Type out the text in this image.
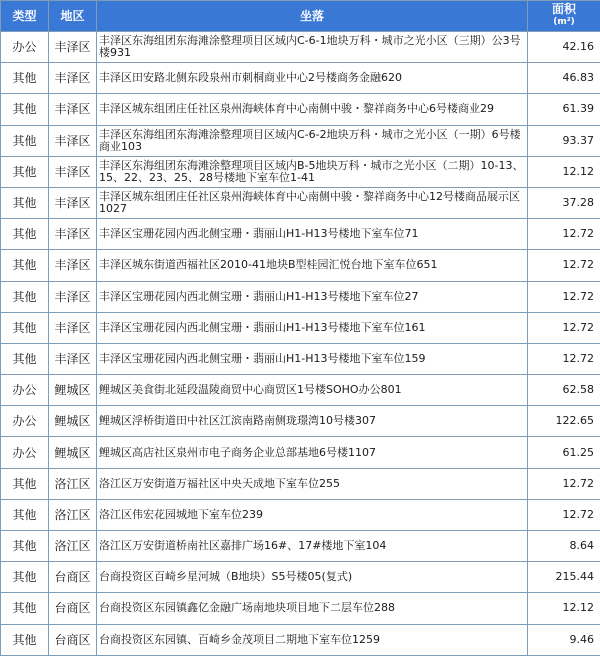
类型	地区	坐落	面积
(m²)

办公	丰泽区	丰泽区东海组团东海滩涂整理项目区域内C-6-1地块万科・城市之光小区（三期）公3号楼931	42.16
其他	丰泽区	丰泽区田安路北侧东段泉州市刺桐商业中心2号楼商务金融620	46.83
其他	丰泽区	丰泽区城东组团庄任社区泉州海峡体育中心南侧中骏・黎祥商务中心6号楼商业29	61.39
其他	丰泽区	丰泽区东海组团东海滩涂整理项目区域内C-6-2地块万科・城市之光小区（一期）6号楼商业103	93.37
其他	丰泽区	丰泽区东海组团东海滩涂整理项目区域内B-5地块万科・城市之光小区（二期）10-13、15、22、23、25、28号楼地下室车位1-41	12.12
其他	丰泽区	丰泽区城东组团庄任社区泉州海峡体育中心南侧中骏・黎祥商务中心12号楼商品展示区1027	37.28
其他	丰泽区	丰泽区宝珊花园内西北侧宝珊・翡丽山H1-H13号楼地下室车位71	12.72
其他	丰泽区	丰泽区城东街道西福社区2010-41地块B型桂园汇悦台地下室车位651	12.72
其他	丰泽区	丰泽区宝珊花园内西北侧宝珊・翡丽山H1-H13号楼地下室车位27	12.72
其他	丰泽区	丰泽区宝珊花园内西北侧宝珊・翡丽山H1-H13号楼地下室车位161	12.72
其他	丰泽区	丰泽区宝珊花园内西北侧宝珊・翡丽山H1-H13号楼地下室车位159	12.72
办公	鲤城区	鲤城区美食街北延段温陵商贸中心商贸区1号楼SOHO办公801	62.58
办公	鲤城区	鲤城区浮桥街道田中社区江滨南路南侧珑璟湾10号楼307	122.65
办公	鲤城区	鲤城区高店社区泉州市电子商务企业总部基地6号楼1107	61.25
其他	洛江区	洛江区万安街道万福社区中央天成地下室车位255	12.72
其他	洛江区	洛江区伟宏花园城地下室车位239	12.72
其他	洛江区	洛江区万安街道桥南社区嘉排广场16#、17#楼地下室104	8.64
其他	台商区	台商投资区百崎乡星河城（B地块）S5号楼05(复式)	215.44
其他	台商区	台商投资区东园镇鑫亿金融广场南地块项目地下二层车位288	12.12
其他	台商区	台商投资区东园镇、百崎乡金茂项目二期地下室车位1259	9.46
